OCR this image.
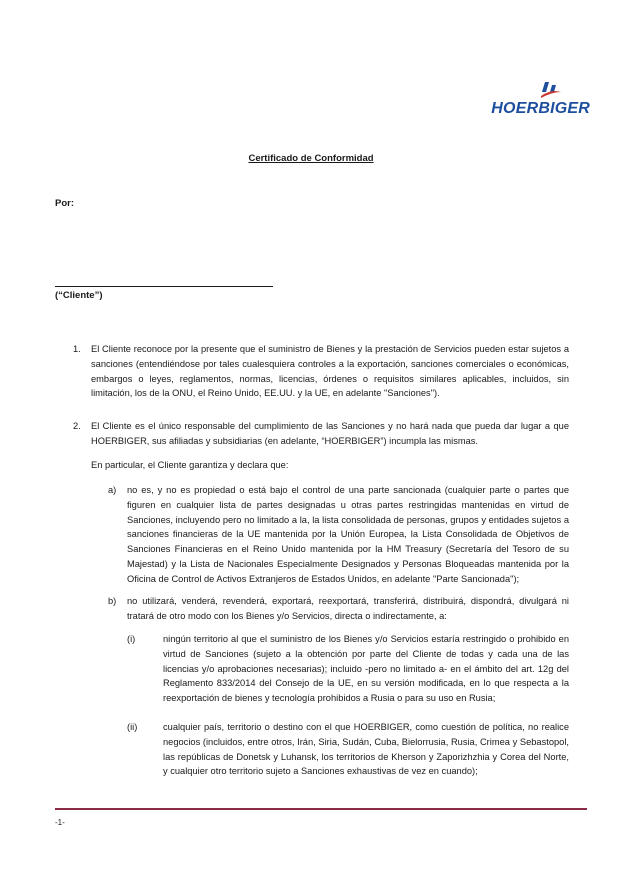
HOERBIGER
Certificado de Conformidad
Por:
(“Cliente”)
1. El Cliente reconoce por la presente que el suministro de Bienes y la prestación de Servicios pueden estar sujetos a sanciones (entendiéndose por tales cualesquiera controles a la exportación, sanciones comerciales o económicas, embargos o leyes, reglamentos, normas, licencias, órdenes o requisitos similares aplicables, incluidos, sin limitación, los de la ONU, el Reino Unido, EE.UU. y la UE, en adelante "Sanciones").
2. El Cliente es el único responsable del cumplimiento de las Sanciones y no hará nada que pueda dar lugar a que HOERBIGER, sus afiliadas y subsidiarias (en adelante, “HOERBIGER”) incumpla las mismas.
En particular, el Cliente garantiza y declara que:
a) no es, y no es propiedad o está bajo el control de una parte sancionada (cualquier parte o partes que figuren en cualquier lista de partes designadas u otras partes restringidas mantenidas en virtud de Sanciones, incluyendo pero no limitado a la, la lista consolidada de personas, grupos y entidades sujetos a sanciones financieras de la UE mantenida por la Unión Europea, la Lista Consolidada de Objetivos de Sanciones Financieras en el Reino Unido mantenida por la HM Treasury (Secretaría del Tesoro de su Majestad) y la Lista de Nacionales Especialmente Designados y Personas Bloqueadas mantenida por la Oficina de Control de Activos Extranjeros de Estados Unidos, en adelante "Parte Sancionada");
b) no utilizará, venderá, revenderá, exportará, reexportará, transferirá, distribuirá, dispondrá, divulgará ni tratará de otro modo con los Bienes y/o Servicios, directa o indirectamente, a:
(i)	ningún territorio al que el suministro de los Bienes y/o Servicios estaría restringido o prohibido en virtud de Sanciones (sujeto a la obtención por parte del Cliente de todas y cada una de las licencias y/o aprobaciones necesarias); incluido -pero no limitado a- en el ámbito del art. 12g del Reglamento 833/2014 del Consejo de la UE, en su versión modificada, en lo que respecta a la reexportación de bienes y tecnología prohibidos a Rusia o para su uso en Rusia;
(ii)	cualquier país, territorio o destino con el que HOERBIGER, como cuestión de política, no realice negocios (incluidos, entre otros, Irán, Siria, Sudán, Cuba, Bielorrusia, Rusia, Crimea y Sebastopol, las repúblicas de Donetsk y Luhansk, los territorios de Kherson y Zaporizhzhia y Corea del Norte, y cualquier otro territorio sujeto a Sanciones exhaustivas de vez en cuando);
-1-
